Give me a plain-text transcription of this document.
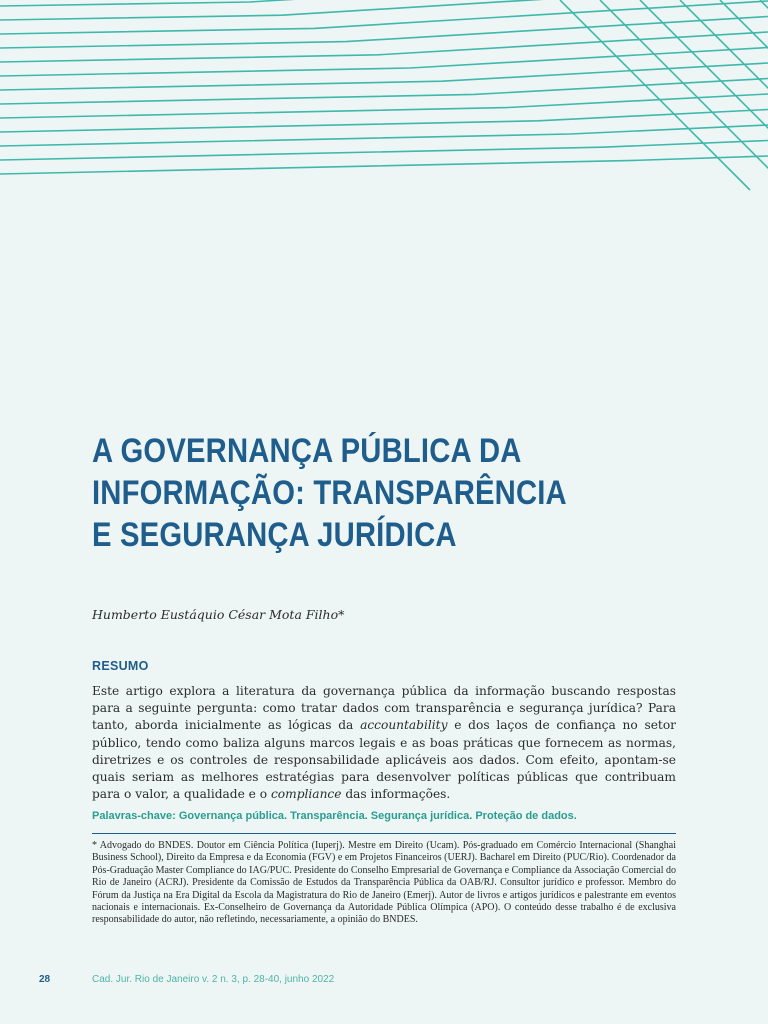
A GOVERNANÇA PÚBLICA DA
INFORMAÇÃO: TRANSPARÊNCIA
E SEGURANÇA JURÍDICA
Humberto Eustáquio César Mota Filho*
RESUMO

Este artigo explora a literatura da governança pública da informação buscando respostas para a seguinte pergunta: como tratar dados com transparência e segurança jurídica? Para tanto, aborda inicialmente as lógicas da accountability e dos laços de confiança no setor público, tendo como baliza alguns marcos legais e as boas práticas que fornecem as normas, diretrizes e os controles de responsabilidade aplicáveis aos dados. Com efeito, apontam-se quais seriam as melhores estratégias para desenvolver políticas públicas que contribuam para o valor, a qualidade e o compliance das informações.

Palavras-chave: Governança pública. Transparência. Segurança jurídica. Proteção de dados.

* Advogado do BNDES. Doutor em Ciência Política (Iuperj). Mestre em Direito (Ucam). Pós-graduado em Comércio Internacional (Shanghai Business School), Direito da Empresa e da Economia (FGV) e em Projetos Financeiros (UERJ). Bacharel em Direito (PUC/Rio). Coordenador da Pós-Graduação Master Compliance do IAG/PUC. Presidente do Conselho Empresarial de Governança e Compliance da Associação Comercial do Rio de Janeiro (ACRJ). Presidente da Comissão de Estudos da Transparência Pública da OAB/RJ. Consultor jurídico e professor. Membro do Fórum da Justiça na Era Digital da Escola da Magistratura do Rio de Janeiro (Emerj). Autor de livros e artigos jurídicos e palestrante em eventos nacionais e internacionais. Ex-Conselheiro de Governança da Autoridade Pública Olímpica (APO). O conteúdo desse trabalho é de exclusiva responsabilidade do autor, não refletindo, necessariamente, a opinião do BNDES.

28	Cad. Jur. Rio de Janeiro v. 2 n. 3, p. 28-40, junho 2022
